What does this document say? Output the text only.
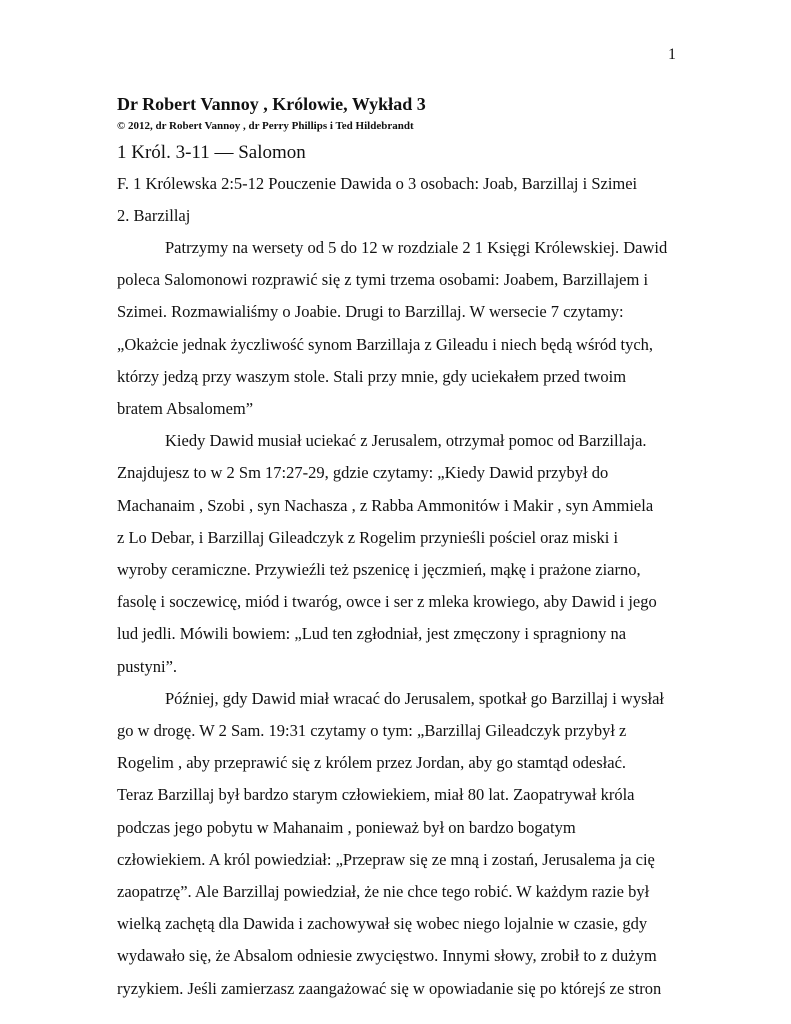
1
Dr Robert Vannoy , Królowie, Wykład 3
© 2012, dr Robert Vannoy , dr Perry Phillips i Ted Hildebrandt
1 Król. 3-11 — Salomon
F. 1 Królewska 2:5-12 Pouczenie Dawida o 3 osobach: Joab, Barzillaj i Szimei
2. Barzillaj

Patrzymy na wersety od 5 do 12 w rozdziale 2 1 Księgi Królewskiej. Dawid
poleca Salomonowi rozprawić się z tymi trzema osobami: Joabem, Barzillajem i
Szimei. Rozmawialiśmy o Joabie. Drugi to Barzillaj. W wersecie 7 czytamy:
„Okażcie jednak życzliwość synom Barzillaja z Gileadu i niech będą wśród tych,
którzy jedzą przy waszym stole. Stali przy mnie, gdy uciekałem przed twoim
bratem Absalomem”

Kiedy Dawid musiał uciekać z Jerusalem, otrzymał pomoc od Barzillaja.
Znajdujesz to w 2 Sm 17:27-29, gdzie czytamy: „Kiedy Dawid przybył do
Machanaim , Szobi , syn Nachasza , z Rabba Ammonitów i Makir , syn Ammiela
z Lo Debar, i Barzillaj Gileadczyk z Rogelim przynieśli pościel oraz miski i
wyroby ceramiczne. Przywieźli też pszenicę i jęczmień, mąkę i prażone ziarno,
fasolę i soczewicę, miód i twaróg, owce i ser z mleka krowiego, aby Dawid i jego
lud jedli. Mówili bowiem: „Lud ten zgłodniał, jest zmęczony i spragniony na
pustyni”.

Później, gdy Dawid miał wracać do Jerusalem, spotkał go Barzillaj i wysłał
go w drogę. W 2 Sam. 19:31 czytamy o tym: „Barzillaj Gileadczyk przybył z
Rogelim , aby przeprawić się z królem przez Jordan, aby go stamtąd odesłać.
Teraz Barzillaj był bardzo starym człowiekiem, miał 80 lat. Zaopatrywał króla
podczas jego pobytu w Mahanaim , ponieważ był on bardzo bogatym
człowiekiem. A król powiedział: „Przepraw się ze mną i zostań, Jerusalema ja cię
zaopatrzę”. Ale Barzillaj powiedział, że nie chce tego robić. W każdym razie był
wielką zachętą dla Dawida i zachowywał się wobec niego lojalnie w czasie, gdy
wydawało się, że Absalom odniesie zwycięstwo. Innymi słowy, zrobił to z dużym
ryzykiem. Jeśli zamierzasz zaangażować się w opowiadanie się po którejś ze stron
